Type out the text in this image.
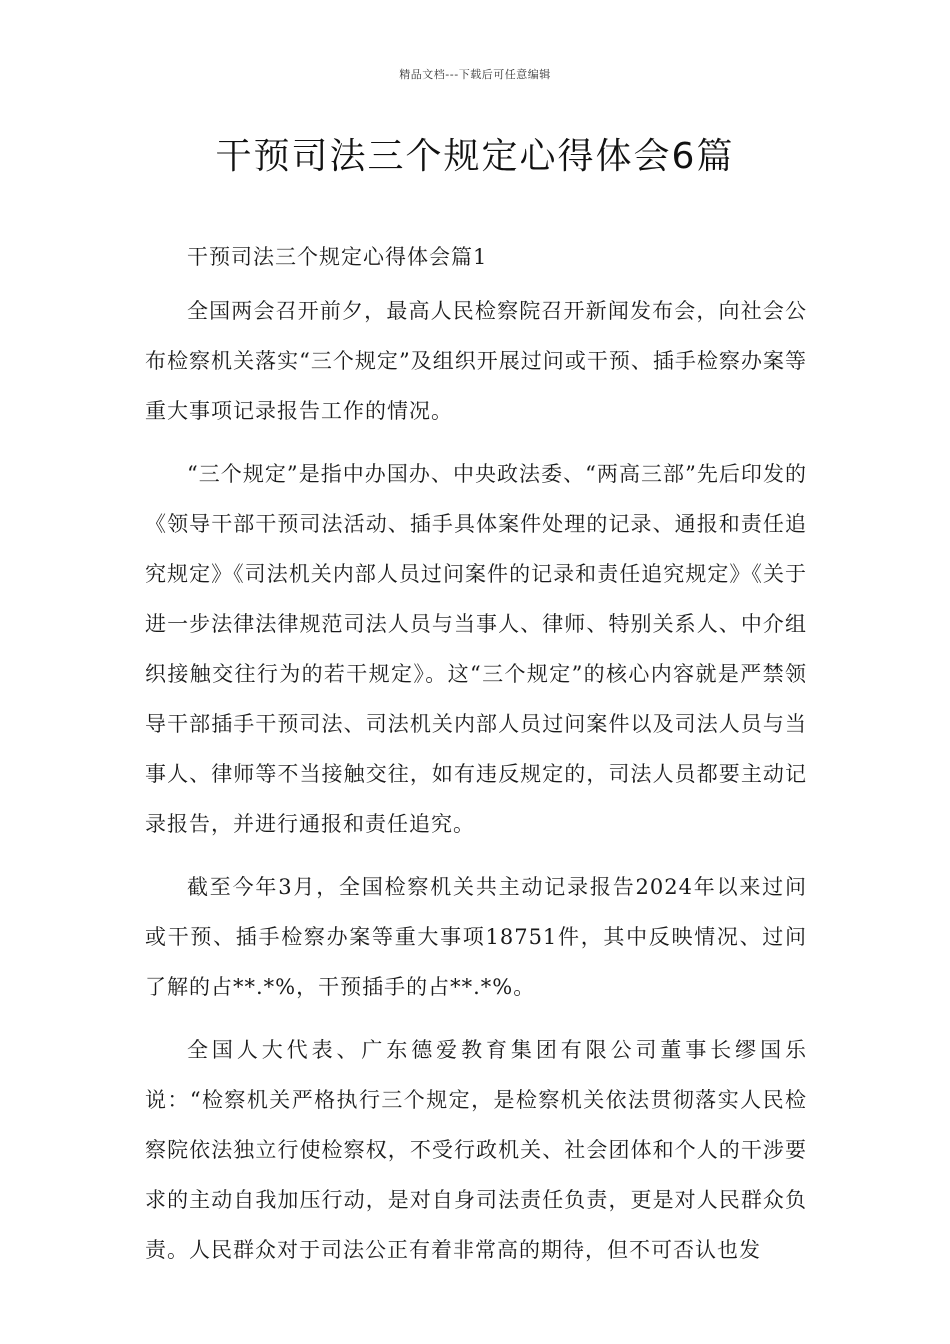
精品文档---下载后可任意编辑
干预司法三个规定心得体会6篇

干预司法三个规定心得体会篇1

全国两会召开前夕，最高人民检察院召开新闻发布会，向社会公布检察机关落实“三个规定”及组织开展过问或干预、插手检察办案等重大事项记录报告工作的情况。

“三个规定”是指中办国办、中央政法委、“两高三部”先后印发的《领导干部干预司法活动、插手具体案件处理的记录、通报和责任追究规定》《司法机关内部人员过问案件的记录和责任追究规定》《关于进一步法律法律规范司法人员与当事人、律师、特别关系人、中介组织接触交往行为的若干规定》。这“三个规定”的核心内容就是严禁领导干部插手干预司法、司法机关内部人员过问案件以及司法人员与当事人、律师等不当接触交往，如有违反规定的，司法人员都要主动记录报告，并进行通报和责任追究。

截至今年3月，全国检察机关共主动记录报告2024年以来过问或干预、插手检察办案等重大事项18751件，其中反映情况、过问了解的占**.*%，干预插手的占**.*%。

全国人大代表、广东德爱教育集团有限公司董事长缪国乐说：“检察机关严格执行三个规定，是检察机关依法贯彻落实人民检察院依法独立行使检察权，不受行政机关、社会团体和个人的干涉要求的主动自我加压行动，是对自身司法责任负责，更是对人民群众负责。人民群众对于司法公正有着非常高的期待，但不可否认也发
